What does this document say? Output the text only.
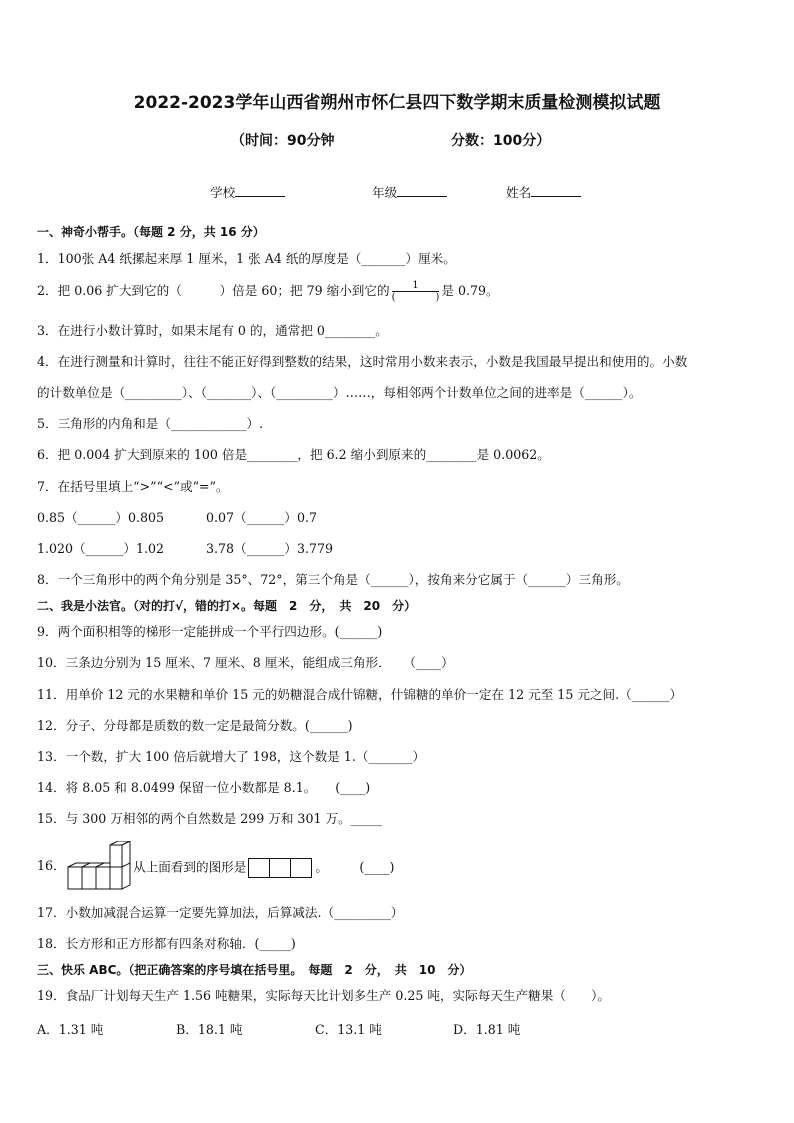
2022-2023学年山西省朔州市怀仁县四下数学期末质量检测模拟试题
（时间：90分钟	分数：100分）
学校	年级	姓名
一、神奇小帮手。（每题 2 分，共 16 分）
1．100张 A4 纸摞起来厚 1 厘米，1 张 A4 纸的厚度是（_______）厘米。
2．把 0.06 扩大到它的（　　　）倍是 60；把 79 缩小到它的 $\frac{1}{( )}$ 是 0.79。
3．在进行小数计算时，如果末尾有 0 的，通常把 0________。
4．在进行测量和计算时，往往不能正好得到整数的结果，这时常用小数来表示，小数是我国最早提出和使用的。小数
的计数单位是（_________）、（_______）、（_________）……，每相邻两个计数单位之间的进率是（______）。
5．三角形的内角和是（____________）.
6．把 0.004 扩大到原来的 100 倍是________，把 6.2 缩小到原来的________是 0.0062。
7．在括号里填上“>”“<”或“=”。
0.85（______）0.805	0.07（______）0.7
1.020（______）1.02	3.78（______）3.779
8．一个三角形中的两个角分别是 35°、72°，第三个角是（______），按角来分它属于（______）三角形。
二、我是小法官。（对的打√，错的打×。每题　2　分，　共　20　分）
9．两个面积相等的梯形一定能拼成一个平行四边形。(______)
10．三条边分别为 15 厘米、7 厘米、8 厘米，能组成三角形．　　（____）
11．用单价 12 元的水果糖和单价 15 元的奶糖混合成什锦糖，什锦糖的单价一定在 12 元至 15 元之间.（______）
12．分子、分母都是质数的数一定是最简分数。(______)
13．一个数，扩大 100 倍后就增大了 198，这个数是 1.（_______）
14．将 8.05 和 8.0499 保留一位小数都是 8.1。　　(____)
15．与 300 万相邻的两个自然数是 299 万和 301 万。_____
16．	从上面看到的图形是	。　　　(____)
17．小数加减混合运算一定要先算加法，后算减法.（_________）
18．长方形和正方形都有四条对称轴．(_____)
三、快乐 ABC。（把正确答案的序号填在括号里。　每题　2　分，　共　10　分）
19．食品厂计划每天生产 1.56 吨糖果，实际每天比计划多生产 0.25 吨，实际每天生产糖果（　　）。
A．1.31 吨	B．18.1 吨	C．13.1 吨	D．1.81 吨
